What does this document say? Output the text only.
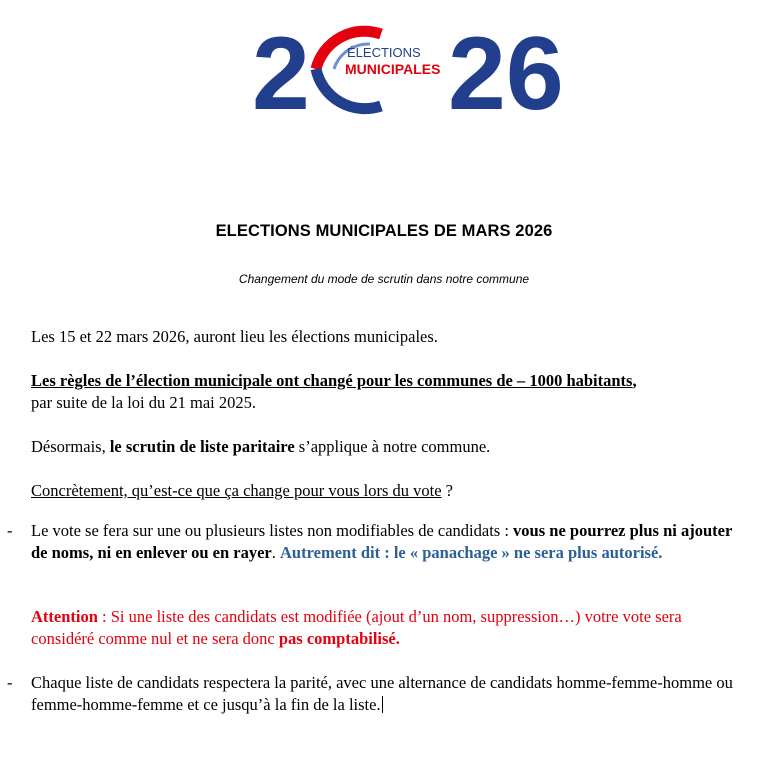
2	ÉLECTIONS
MUNICIPALES 26
ELECTIONS MUNICIPALES DE MARS 2026

Changement du mode de scrutin dans notre commune

Les 15 et 22 mars 2026, auront lieu les élections municipales.

Les règles de l’élection municipale ont changé pour les communes de – 1000 habitants,
par suite de la loi du 21 mai 2025.

Désormais, le scrutin de liste paritaire s’applique à notre commune.

Concrètement, qu’est-ce que ça change pour vous lors du vote ?

- Le vote se fera sur une ou plusieurs listes non modifiables de candidats : vous ne pourrez plus ni ajouter de noms, ni en enlever ou en rayer. Autrement dit : le « panachage » ne sera plus autorisé.

Attention : Si une liste des candidats est modifiée (ajout d’un nom, suppression…) votre vote sera considéré comme nul et ne sera donc pas comptabilisé.

- Chaque liste de candidats respectera la parité, avec une alternance de candidats homme-femme-homme ou femme-homme-femme et ce jusqu’à la fin de la liste.
